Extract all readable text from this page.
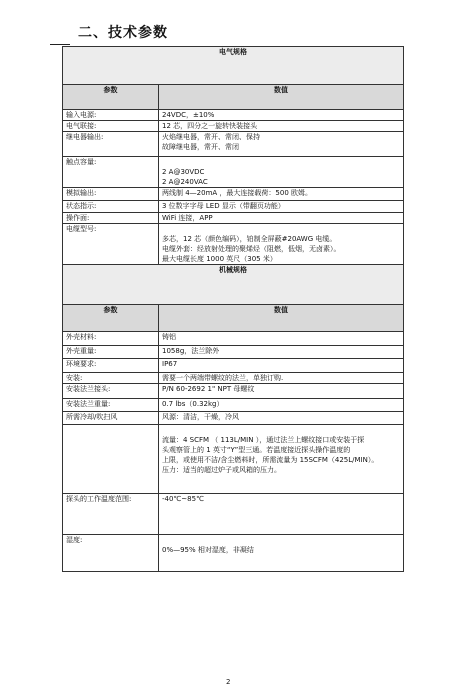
二、技术参数
电气规格	
参数	数值
输入电源:	24VDC，±10%

电气联接:	12 芯，四分之一旋转快装接头

继电器输出:	火焰继电器，常开、常闭、保持
故障继电器，常开、常闭

触点容量:	2 A@30VDC
2 A@240VAC

模拟输出:	两线制 4—20mA ，最大连接载荷：500 欧姆。

状态指示:	3 位数字字母 LED 显示（带翻页功能）

操作面:	WiFi 连接，APP

电缆型号:	多芯，12 芯（颜色编码），铂制全屏蔽#20AWG 电缆。
电缆外套：经放射处理的聚烯烃（阻燃，低烟，无卤素）。
最大电缆长度 1000 英尺（305 米）

机械规格	
参数	数值
外壳材料:	铸铝

外壳重量:	1058g，法兰除外

环境要求:	IP67

安装:	需要一个两端带螺纹的法兰，单独订购.

安装法兰接头:	P/N 60-2692 1" NPT 母螺纹

安装法兰重量:	0.7 lbs（0.32kg）

所需冷却/吹扫风	风源：清洁，干燥，冷风

	流量：4 SCFM （ 113L/MIN ），通过法兰上螺纹接口或安装于探
头观察管上的 1 英寸“Y”型三通。若温度接近探头操作温度的
上限，或使用不洁/含尘燃料时，所需流量为 15SCFM（425L/MIN）。
压力：适当的超过炉子或风箱的压力。

探头的工作温度范围:	-40℃~85℃

湿度:	0%—95% 相对湿度，非凝结
2
